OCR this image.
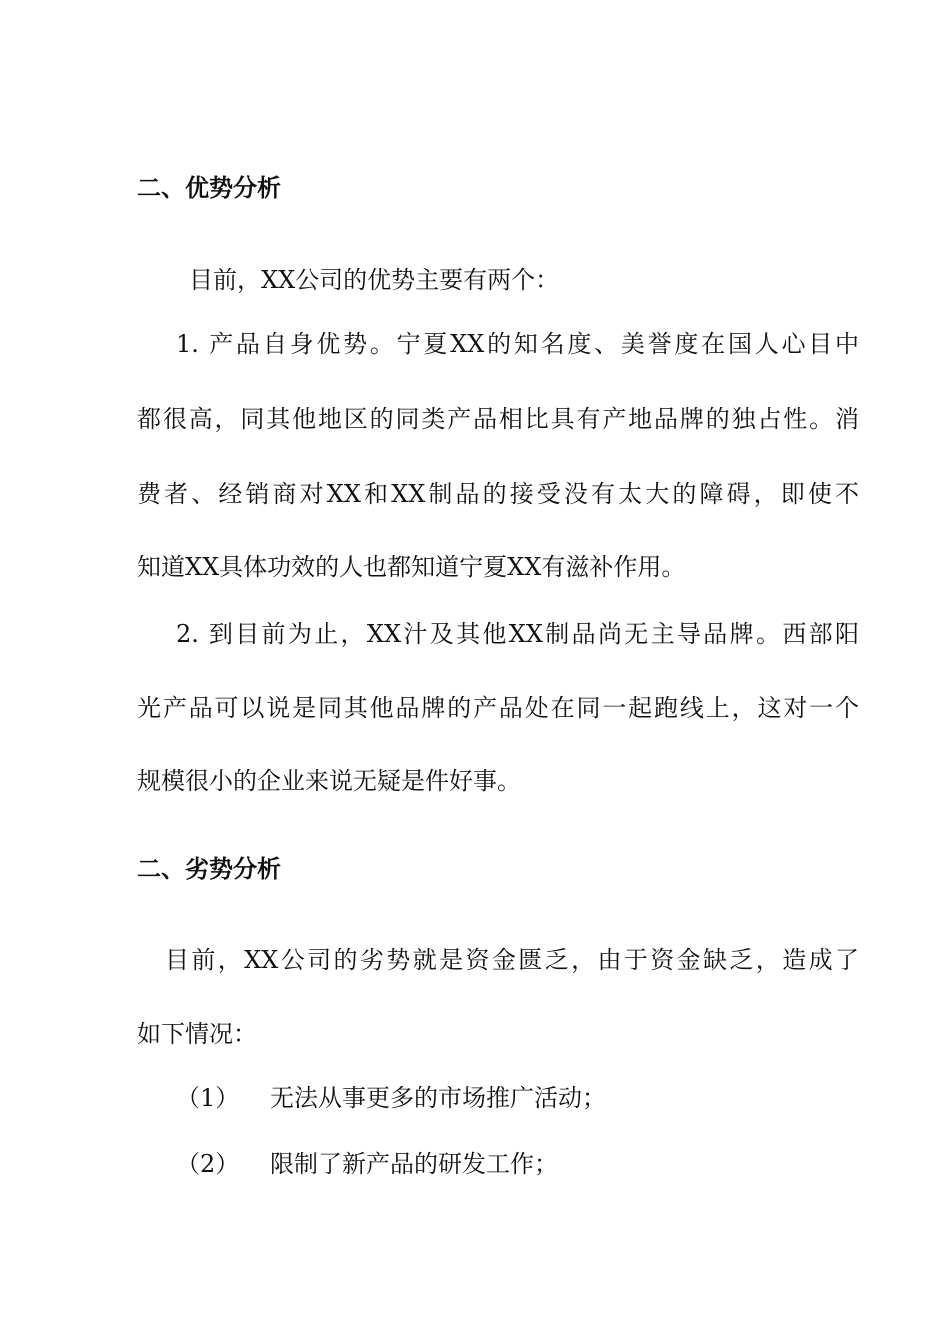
二、优势分析
目前，XX公司的优势主要有两个：
1. 产品自身优势。宁夏XX的知名度、美誉度在国人心目中
都很高，同其他地区的同类产品相比具有产地品牌的独占性。消
费者、经销商对XX和XX制品的接受没有太大的障碍，即使不
知道XX具体功效的人也都知道宁夏XX有滋补作用。
2. 到目前为止，XX汁及其他XX制品尚无主导品牌。西部阳
光产品可以说是同其他品牌的产品处在同一起跑线上，这对一个
规模很小的企业来说无疑是件好事。
二、劣势分析
目前，XX公司的劣势就是资金匮乏，由于资金缺乏，造成了
如下情况：
（1） 无法从事更多的市场推广活动；
（2） 限制了新产品的研发工作；
